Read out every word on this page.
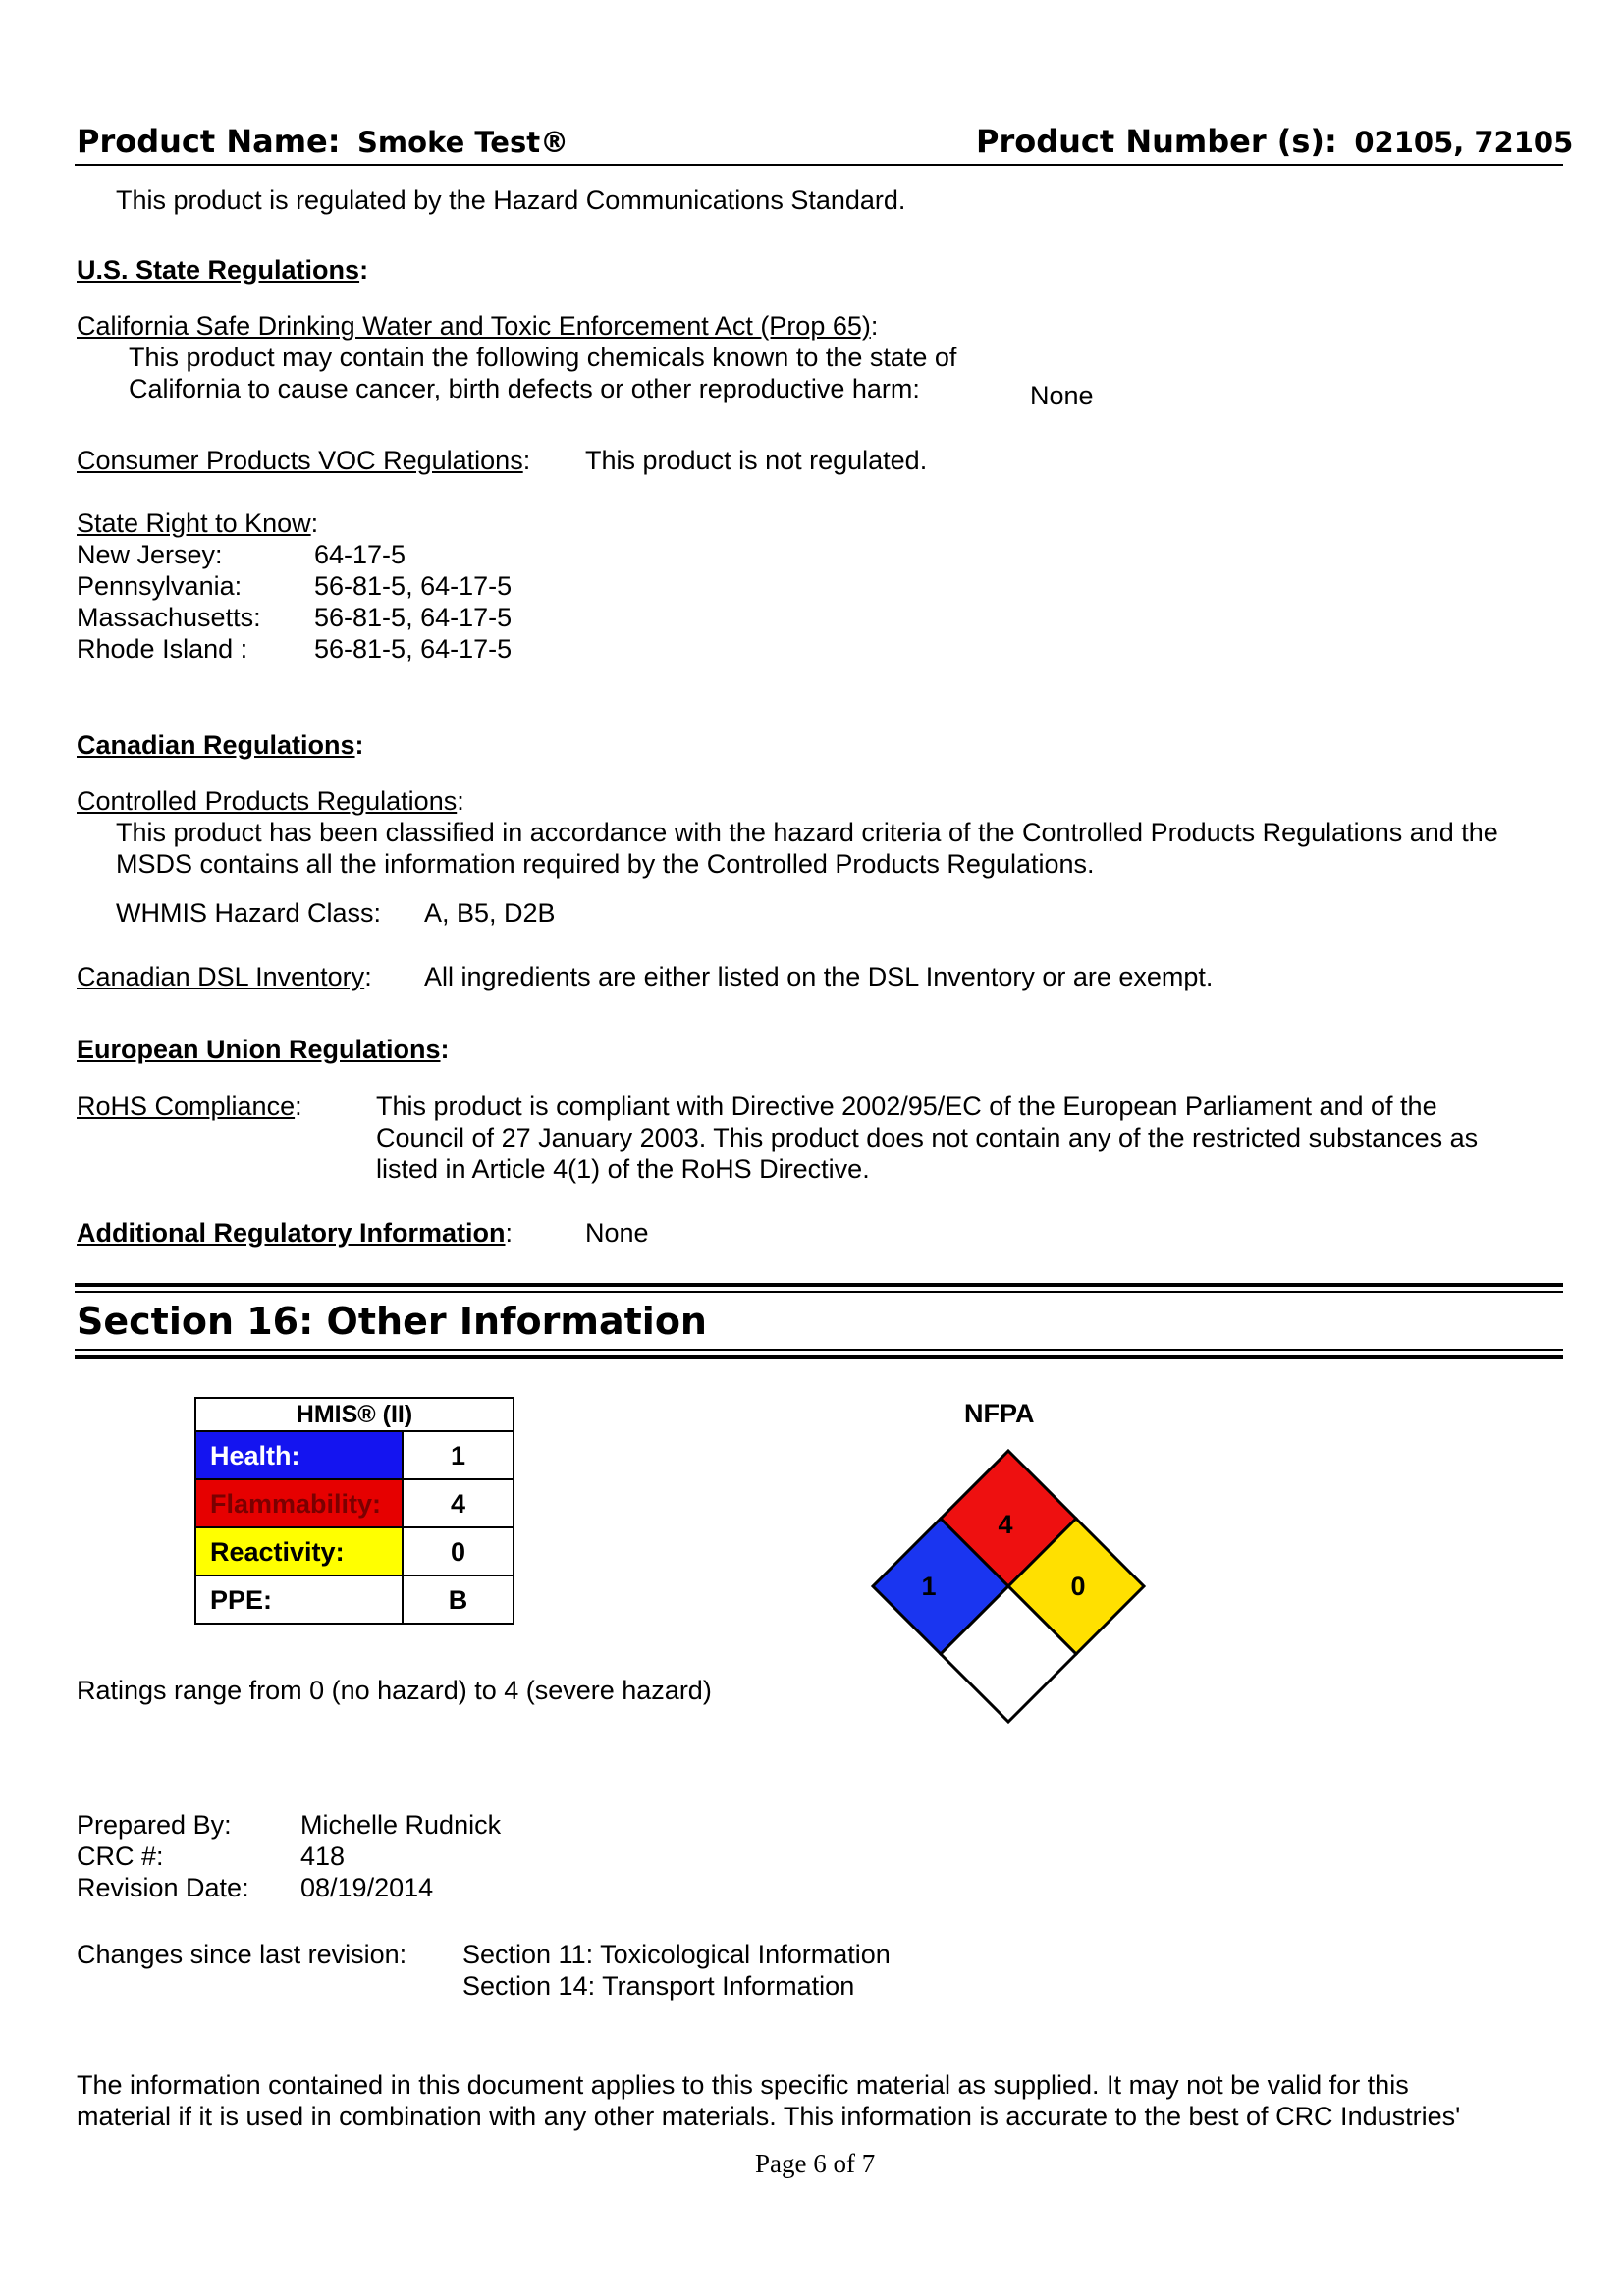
Product Name: Smoke Test®	Product Number (s): 02105, 72105
This product is regulated by the Hazard Communications Standard.
U.S. State Regulations:
California Safe Drinking Water and Toxic Enforcement Act (Prop 65):
This product may contain the following chemicals known to the state of
California to cause cancer, birth defects or other reproductive harm:	None
Consumer Products VOC Regulations: This product is not regulated.
State Right to Know:
New Jersey:	64-17-5
Pennsylvania:	56-81-5, 64-17-5
Massachusetts: 56-81-5, 64-17-5
Rhode Island :	56-81-5, 64-17-5
Canadian Regulations:
Controlled Products Regulations:
This product has been classified in accordance with the hazard criteria of the Controlled Products Regulations and the
MSDS contains all the information required by the Controlled Products Regulations.
WHMIS Hazard Class: A, B5, D2B
Canadian DSL Inventory: All ingredients are either listed on the DSL Inventory or are exempt.
European Union Regulations:
RoHS Compliance:	This product is compliant with Directive 2002/95/EC of the European Parliament and of the
Council of 27 January 2003. This product does not contain any of the restricted substances as
listed in Article 4(1) of the RoHS Directive.
Additional Regulatory Information:	None
Section 16: Other Information
HMIS® (II)	
Health:	1
Flammability:	4
Reactivity:	0
PPE:	B
NFPA
4
1	0
Ratings range from 0 (no hazard) to 4 (severe hazard)
Prepared By:	Michelle Rudnick
CRC #:	418
Revision Date: 08/19/2014
Changes since last revision: Section 11: Toxicological Information
Section 14: Transport Information
The information contained in this document applies to this specific material as supplied. It may not be valid for this
material if it is used in combination with any other materials. This information is accurate to the best of CRC Industries'
Page 6 of 7
